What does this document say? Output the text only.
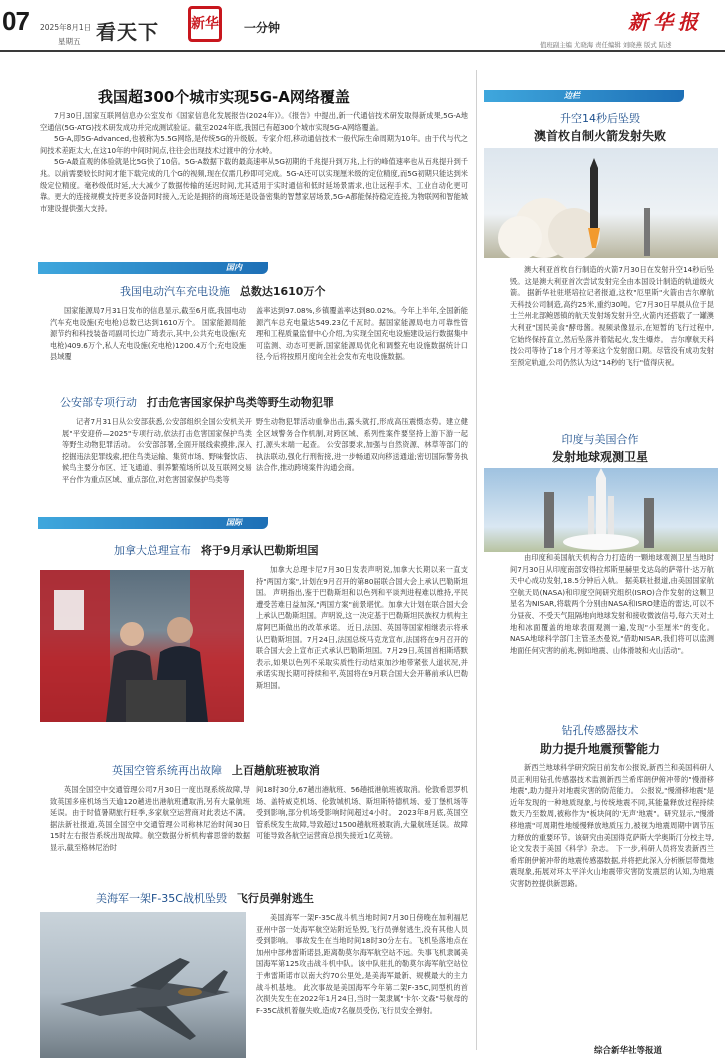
07 2025年8月1日
星期五 看天下 新华 一分钟	新 华 报
值班副主编 尤晓海 责任编辑 刘晓燕 版式 陆述
我国超300个城市实现5G-A网络覆盖

7月30日,国家互联网信息办公室发布《国家信息化发展报告(2024年)》。《报告》中提出,新一代通信技术研发取得新成果,5G-A地空通信(5G-ATG)技术研发成功并完成测试验证。截至2024年底,我国已有超300个城市实现5G-A网络覆盖。

5G-A,即5G-Advanced,也被称为5.5G网络,是传统5G的升级版。专家介绍,移动通信技术一般代际生命周期为10年。由于代与代之间技术差距太大,在这10年的中间时间点,往往会出现技术过渡中的分水岭。

5G-A最直观的体验就是比5G快了10倍。5G-A数据下载的最高速率从5G初期的千兆提升到万兆,上行的峰值速率也从百兆提升到千兆。以前需要较长时间才能下载完成的几个G的视频,现在仅需几秒即可完成。5G-A还可以实现厘米级的定位精度,而5G初期只能达到米级定位精度。毫秒级低时延,大大减少了数据传输的延迟时间,尤其适用于实时通信和低时延场景需求,也让远程手术、工业自动化更可靠。更大的连接规模支持更多设备同时接入,无论是拥挤的商场还是设备密集的智慧家居场景,5G-A都能保持稳定连接,为物联网和智能城市建设提供强大支持。

国内
我国电动汽车充电设施 总数达1610万个

国家能源局7月31日发布的信息显示,截至6月底,我国电动汽车充电设施(充电枪)总数已达到1610万个。 国家能源局能源节约和科技装备司副司长边广琦表示,其中,公共充电设施(充电枪)409.6万个,私人充电设施(充电枪)1200.4万个;充电设施县域覆

盖率达到97.08%,乡镇覆盖率达到80.02%。今年上半年,全国新能源汽车总充电量达549.23亿千瓦时。据国家能源局电力可靠性管理和工程质量监督中心介绍,为实现全国充电设施建设运行数据集中可监测、动态可更新,国家能源局优化和调整充电设施数据统计口径,今后将按照月度向全社会发布充电设施数据。

公安部专项行动 打击危害国家保护鸟类等野生动物犯罪

记者7月31日从公安部获悉,公安部组织全国公安机关开展"平安迎侨—2025"专项行动,依法打击危害国家保护鸟类等野生动物犯罪活动。 公安部部署,全面开展线索摸排,深入挖掘违法犯罪线索,把住鸟类运输、集贸市场、野味餐饮店、候鸟主要分布区、迁飞通道、驯养繁殖场所以及互联网交易平台作为重点区域、重点部位,对危害国家保护鸟类等

野生动物犯罪活动重拳出击,露头就打,形成高压震慑态势。建立健全区域警务合作机制,对跨区域、系列性案件要坚持上游下游一起打,源头末端一起查。 公安部要求,加强与自然资源、林草等部门的执法联动,强化行刑衔接,进一步畅通双向移送通道;密切国际警务执法合作,推动跨境案件沟通会商。

国际
加拿大总理宣布 将于9月承认巴勒斯坦国

加拿大总理卡尼7月30日发表声明说,加拿大长期以来一直支持"两国方案",计划在9月召开的第80届联合国大会上承认巴勒斯坦国。 声明指出,鉴于巴勒斯坦和以色列和平谈判进程难以维持,平民遭受苦难日益加深,"两国方案"前景堪忧。加拿大计划在联合国大会上承认巴勒斯坦国。声明说,这一决定基于巴勒斯坦民族权力机构主席阿巴斯做出的改革承诺。 近日,法国、英国等国家相继表示将承认巴勒斯坦国。7月24日,法国总统马克龙宣布,法国将在9月召开的联合国大会上宣布正式承认巴勒斯坦国。7月29日,英国首相斯塔默表示,如果以色列不采取实质性行动结束加沙地带紧张人道状况,并承诺实现长期可持续和平,英国将在9月联合国大会开幕前承认巴勒斯坦国。

英国空管系统再出故障 上百趟航班被取消

英国全国空中交通管理公司7月30日一度出现系统故障,导致英国多座机场当天逾120趟进出港航班遭取消,另有大量航班延误。由于时值暑期旅行旺季,多家航空运营商对此表达不满。 据法新社报道,英国全国空中交通管理公司称林尼治时间30日15时左右报告系统出现故障。航空数据分析机构睿思誉的数据显示,截至格林尼治时

间18时30分,67趟出港航班、56趟抵港航班被取消。伦敦希思罗机场、盖特威克机场、伦敦城机场、斯坦斯特德机场、爱丁堡机场等受到影响,部分机场受影响时间超过4小时。 2023年8月底,英国空管系统发生故障,导致超过1500趟航班被取消,大量航班延误。故障可能导致各航空运营商总损失接近1亿英镑。

美海军一架F-35C战机坠毁 飞行员弹射逃生

美国海军一架F-35C战斗机当地时间7月30日傍晚在加利福尼亚州中部一处海军航空站附近坠毁,飞行员弹射逃生,没有其他人员受到影响。 事故发生在当地时间18时30分左右。飞机坠落地点在加州中部弗雷斯诺县,距离勒莫尔海军航空站不远。失事飞机隶属美国海军第125攻击战斗机中队。该中队驻扎的勒莫尔海军航空站位于弗雷斯诺市以南大约70公里处,是美海军最新、规模最大的主力战斗机基地。 此次事故是美国海军今年第二架F-35C,同型机的首次损失发生在2022年1月24日,当时一架隶属"卡尔·文森"号航母的F-35C战机着舰失败,造成7名舰员受伤,飞行员安全弹射。

边栏
升空14秒后坠毁
澳首枚自制火箭发射失败

澳大利亚首枚自行制造的火箭7月30日在发射升空14秒后坠毁。这是澳大利亚首次尝试发射完全由本国设计制造的轨道级火箭。 据新华社驻堪培拉记者报道,这枚"厄里斯"火箭由吉尔摩航天科技公司制造,高约25米,重约30吨。它7月30日早晨从位于昆士兰州北部鲍恩镇的航天发射场发射升空,火箭内还搭载了一罐澳大利亚"国民美食"酵母酱。视频录像显示,在短暂的飞行过程中,它始终保持直立,然后坠落并着陆起火,发生爆炸。 吉尔摩航天科技公司等待了18个月才等来这个发射窗口期。尽管没有成功发射至预定轨道,公司仍然认为这"14秒的飞行"值得庆祝。

印度与美国合作
发射地球观测卫星

由印度和美国航天机构合力打造的一颗地球观测卫星当地时间7月30日从印度南部安得拉邦斯里赫里戈达岛的萨蒂什·达万航天中心成功发射,18.5分钟后入轨。 据美联社报道,由美国国家航空航天局(NASA)和印度空间研究组织(ISRO)合作发射的这颗卫星名为NISAR,将载两个分别由NASA和ISRO建造的雷达,可以不分昼夜、不受天气阻隔地向地球发射和接收微波信号,每六天对土地和冰面覆盖的地球表面观测一遍,发现"小至厘米"的变化。 NASA地球科学部门主管圣杰曼说,"借助NISAR,我们将可以监测地面任何灾害的前兆,例如地震、山体滑坡和火山活动"。

钻孔传感器技术
助力提升地震预警能力

新西兰地球科学研究院日前发布公报说,新西兰和美国科研人员正利用钻孔传感器技术监测新西兰希库朗伊俯冲带的"慢滑移地震",助力提升对地震灾害的防范能力。 公报说,"慢滑移地震"是近年发现的一种地质现象,与传统地震不同,其能量释放过程持续数天乃至数周,被称作为"板块间的'无声'地震"。研究显示,"慢滑移地震"可周期性地缓慢释放地质压力,被视为地震周期中调节压力释放的重要环节。该研究由美国得克萨斯大学奥斯汀分校主导,论文发表于美国《科学》杂志。 下一步,科研人员将发表新西兰希库朗伊俯冲带的地震传感器数据,并将把此深入分析断层带微地震现象,拓展对环太平洋火山地震带灾害防发震层的认知,为地震灾害防控提供新思路。

综合新华社等报道
